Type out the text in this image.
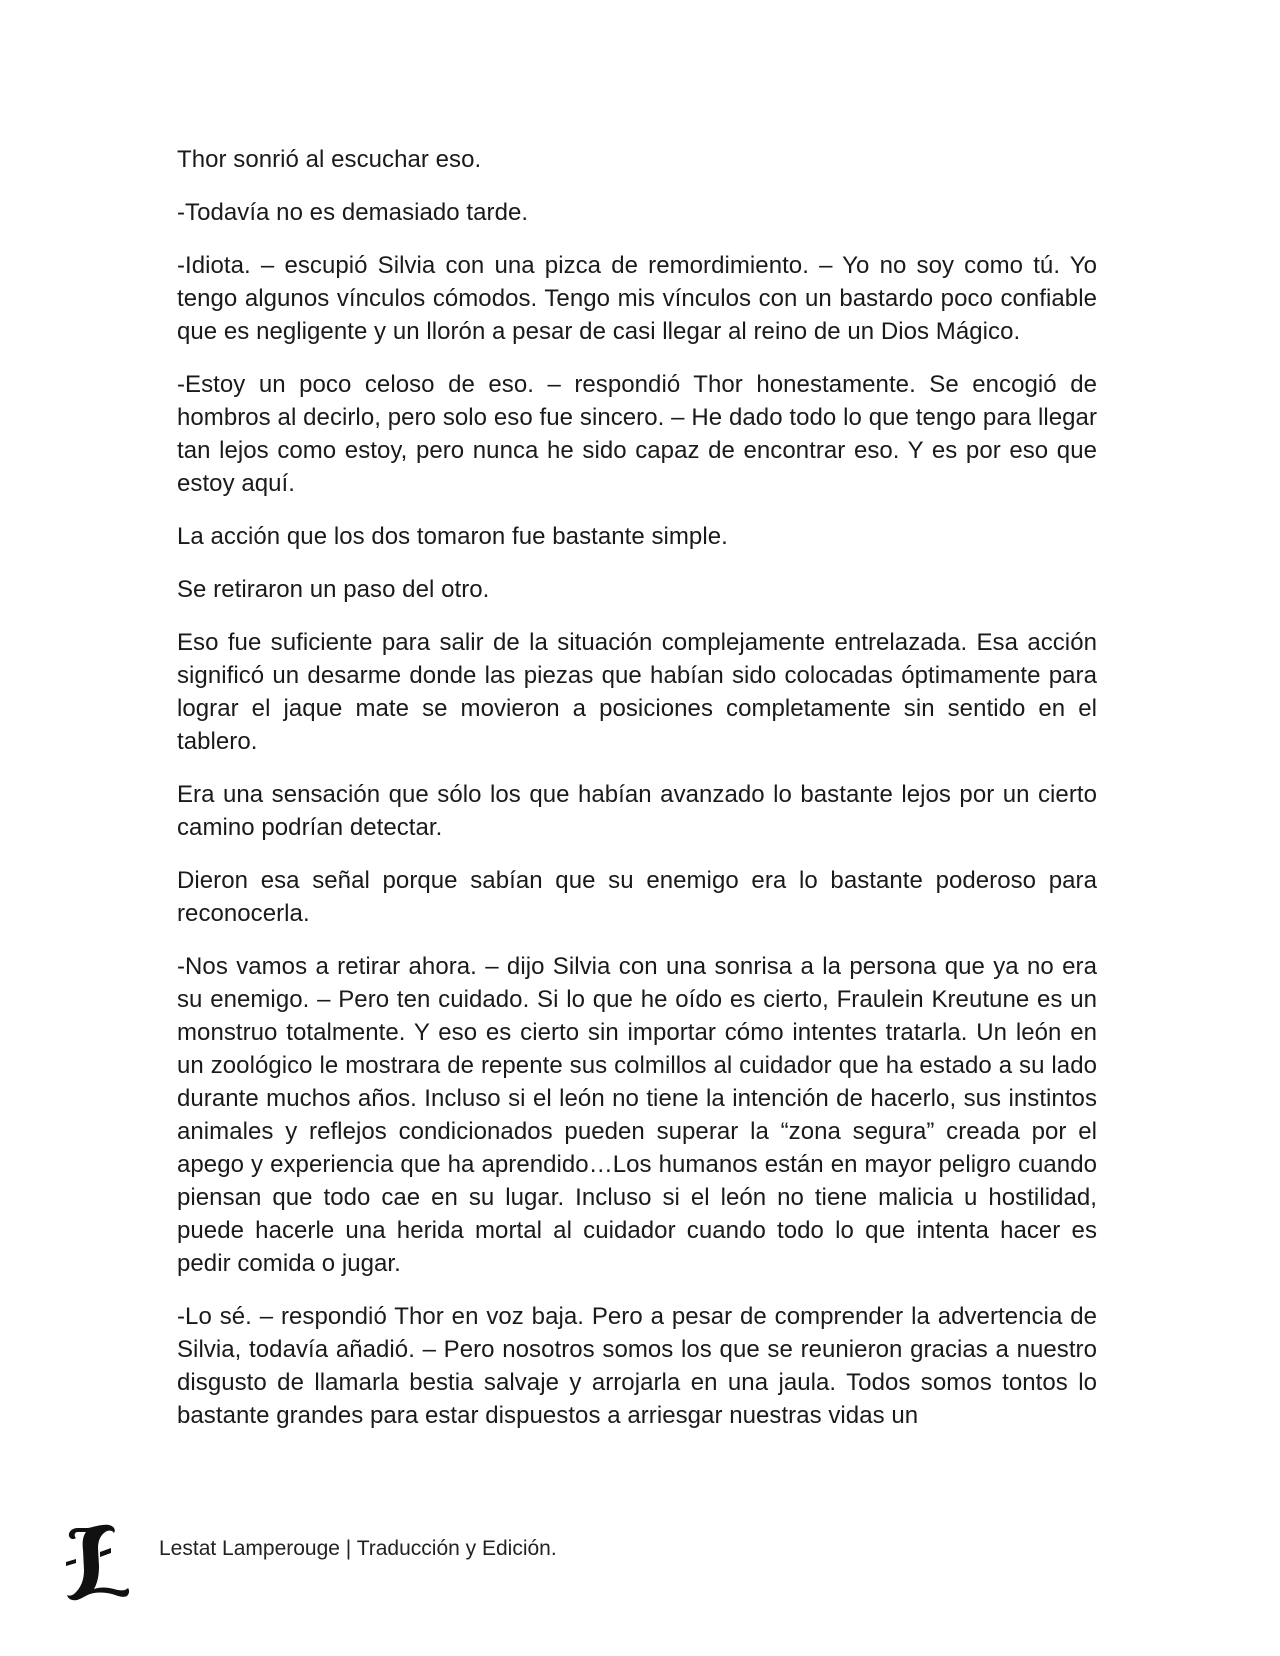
Thor sonrió al escuchar eso.

-Todavía no es demasiado tarde.

-Idiota. – escupió Silvia con una pizca de remordimiento. – Yo no soy como tú. Yo tengo algunos vínculos cómodos. Tengo mis vínculos con un bastardo poco confiable que es negligente y un llorón a pesar de casi llegar al reino de un Dios Mágico.

-Estoy un poco celoso de eso. – respondió Thor honestamente. Se encogió de hombros al decirlo, pero solo eso fue sincero. – He dado todo lo que tengo para llegar tan lejos como estoy, pero nunca he sido capaz de encontrar eso. Y es por eso que estoy aquí.

La acción que los dos tomaron fue bastante simple.

Se retiraron un paso del otro.

Eso fue suficiente para salir de la situación complejamente entrelazada. Esa acción significó un desarme donde las piezas que habían sido colocadas óptimamente para lograr el jaque mate se movieron a posiciones completamente sin sentido en el tablero.

Era una sensación que sólo los que habían avanzado lo bastante lejos por un cierto camino podrían detectar.

Dieron esa señal porque sabían que su enemigo era lo bastante poderoso para reconocerla.

-Nos vamos a retirar ahora. – dijo Silvia con una sonrisa a la persona que ya no era su enemigo. – Pero ten cuidado. Si lo que he oído es cierto, Fraulein Kreutune es un monstruo totalmente. Y eso es cierto sin importar cómo intentes tratarla. Un león en un zoológico le mostrara de repente sus colmillos al cuidador que ha estado a su lado durante muchos años. Incluso si el león no tiene la intención de hacerlo, sus instintos animales y reflejos condicionados pueden superar la “zona segura” creada por el apego y experiencia que ha aprendido…Los humanos están en mayor peligro cuando piensan que todo cae en su lugar. Incluso si el león no tiene malicia u hostilidad, puede hacerle una herida mortal al cuidador cuando todo lo que intenta hacer es pedir comida o jugar.

-Lo sé. – respondió Thor en voz baja. Pero a pesar de comprender la advertencia de Silvia, todavía añadió. – Pero nosotros somos los que se reunieron gracias a nuestro disgusto de llamarla bestia salvaje y arrojarla en una jaula. Todos somos tontos lo bastante grandes para estar dispuestos a arriesgar nuestras vidas un

Lestat Lamperouge | Traducción y Edición.
